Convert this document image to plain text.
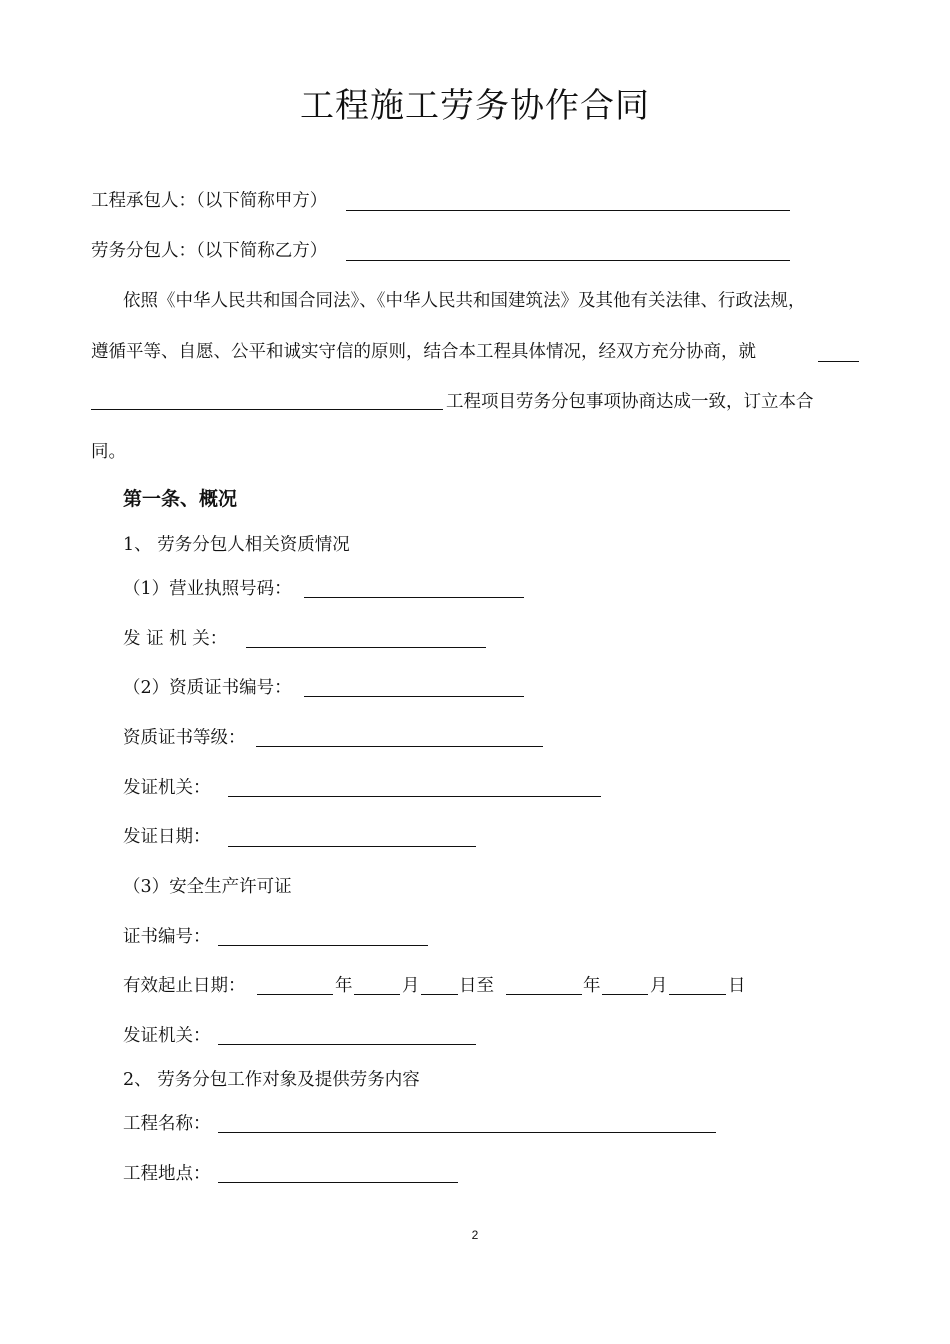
工程施工劳务协作合同
工程承包人：（以下简称甲方）
劳务分包人：（以下简称乙方）
依照《中华人民共和国合同法》、《中华人民共和国建筑法》及其他有关法律、行政法规，
遵循平等、自愿、公平和诚实守信的原则，结合本工程具体情况，经双方充分协商，就
工程项目劳务分包事项协商达成一致，订立本合
同。
第一条、概况
1、 劳务分包人相关资质情况
（1）营业执照号码：
发 证 机 关：
（2）资质证书编号：
资质证书等级：
发证机关：
发证日期：
（3）安全生产许可证
证书编号：
有效起止日期：	年	月 日至	年	月	日
发证机关：
2、 劳务分包工作对象及提供劳务内容
工程名称：
工程地点：
2
